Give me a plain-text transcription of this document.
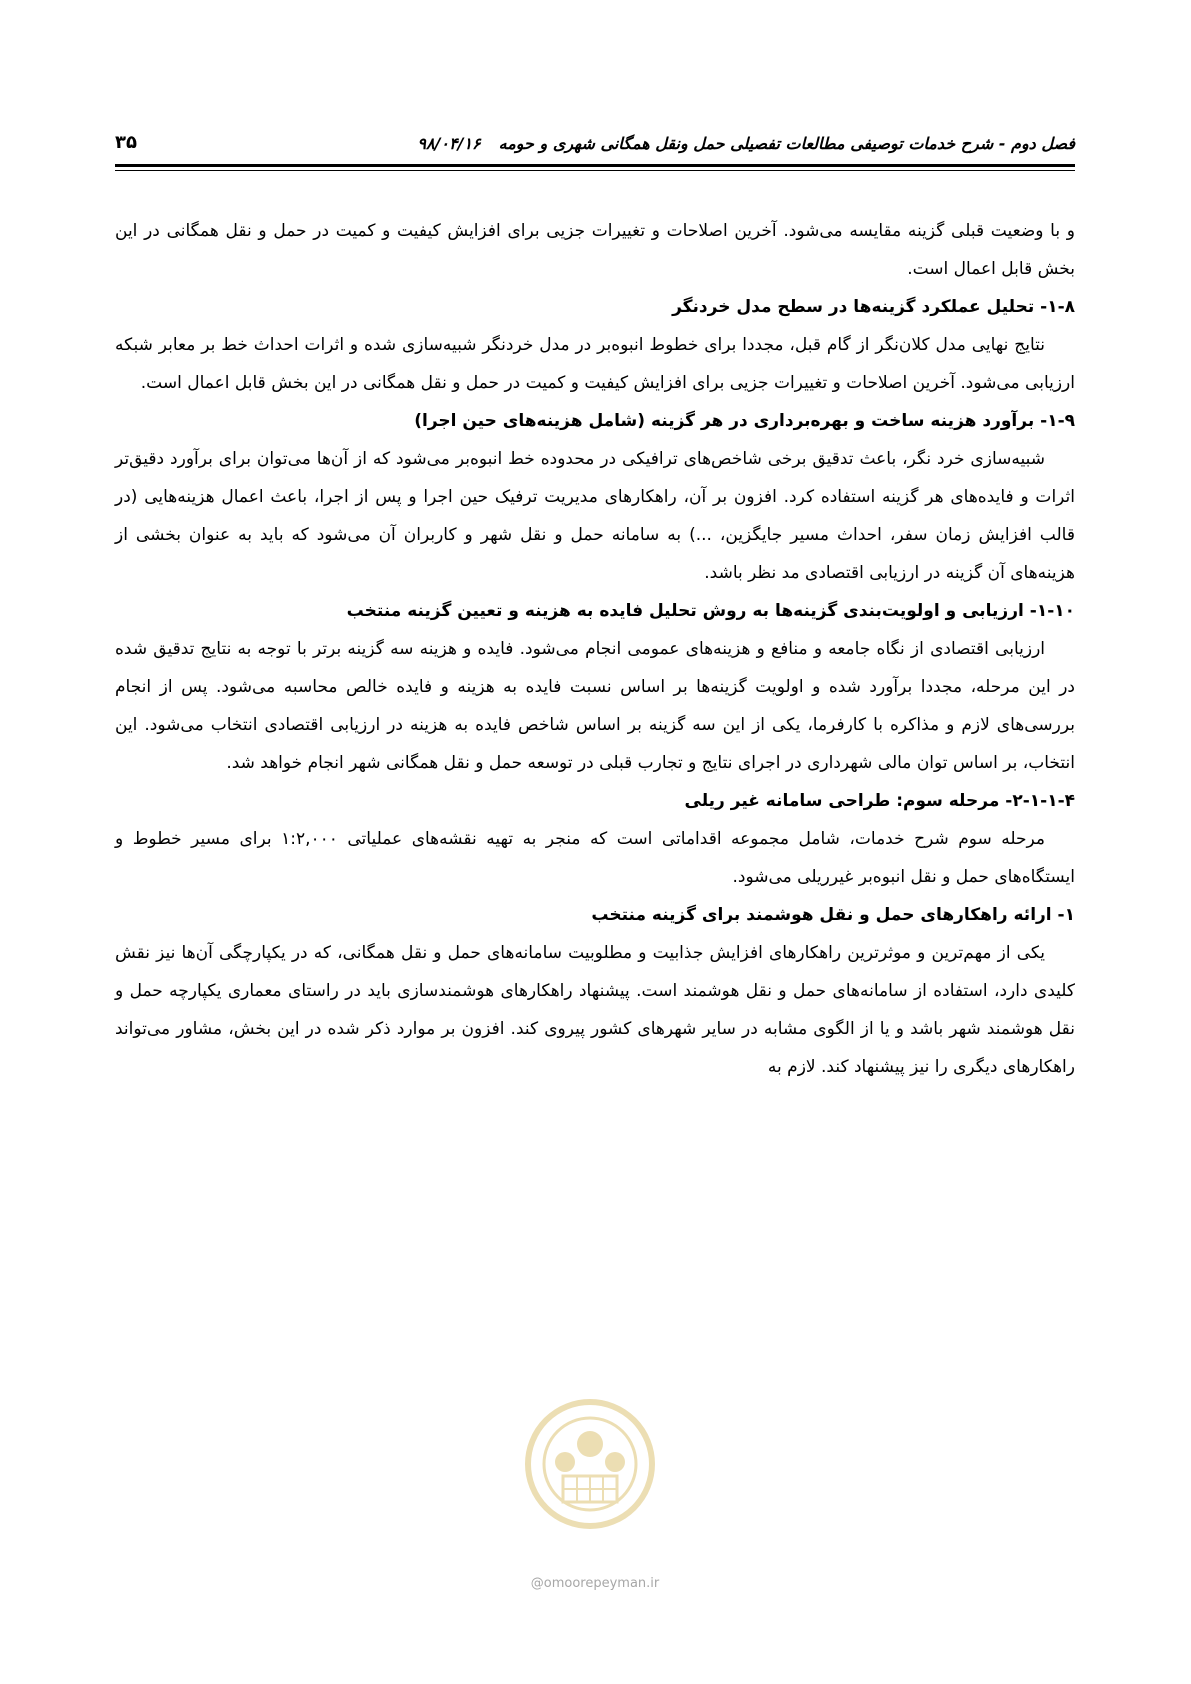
فصل دوم - شرح خدمات توصیفی مطالعات تفصیلی حمل ونقل همگانی شهری و حومه۹۸/۰۴/۱۶
۳۵

و با وضعیت قبلی گزینه مقایسه می‌شود. آخرین اصلاحات و تغییرات جزیی برای افزایش کیفیت و کمیت در حمل و نقل همگانی در این بخش قابل اعمال است.

۱-۸- تحلیل عملکرد گزینه‌ها در سطح مدل خردنگر

نتایج نهایی مدل کلان‌نگر از گام قبل، مجددا برای خطوط انبوه‌بر در مدل خردنگر شبیه‌سازی شده و اثرات احداث خط بر معابر شبکه ارزیابی می‌شود. آخرین اصلاحات و تغییرات جزیی برای افزایش کیفیت و کمیت در حمل و نقل همگانی در این بخش قابل اعمال است.

۱-۹- برآورد هزینه ساخت و بهره‌برداری در هر گزینه (شامل هزینه‌های حین اجرا)

شبیه‌سازی خرد نگر، باعث تدقیق برخی شاخص‌های ترافیکی در محدوده خط انبوه‌بر می‌شود که از آن‌ها می‌توان برای برآورد دقیق‌تر اثرات و فایده‌های هر گزینه استفاده کرد. افزون بر آن، راهکارهای مدیریت ترفیک حین اجرا و پس از اجرا، باعث اعمال هزینه‌هایی (در قالب افزایش زمان سفر، احداث مسیر جایگزین، ...) به سامانه حمل و نقل شهر و کاربران آن می‌شود که باید به عنوان بخشی از هزینه‌های آن گزینه در ارزیابی اقتصادی مد نظر باشد.

۱-۱۰- ارزیابی و اولویت‌بندی گزینه‌ها به روش تحلیل فایده به هزینه و تعیین گزینه منتخب

ارزیابی اقتصادی از نگاه جامعه و منافع و هزینه‌های عمومی انجام می‌شود. فایده و هزینه سه گزینه برتر با توجه به نتایج تدقیق شده در این مرحله، مجددا برآورد شده و اولویت گزینه‌ها بر اساس نسبت فایده به هزینه و فایده خالص محاسبه می‌شود. پس از انجام بررسی‌های لازم و مذاکره با کارفرما، یکی از این سه گزینه بر اساس شاخص فایده به هزینه در ارزیابی اقتصادی انتخاب می‌شود. این انتخاب، بر اساس توان مالی شهرداری در اجرای نتایج و تجارب قبلی در توسعه حمل و نقل همگانی شهر انجام خواهد شد.

۲-۱-۱-۴- مرحله سوم: طراحی سامانه غیر ریلی

مرحله سوم شرح خدمات، شامل مجموعه اقداماتی است که منجر به تهیه نقشه‌های عملیاتی ۱:۲,۰۰۰ برای مسیر خطوط و ایستگاه‌های حمل و نقل انبوه‌بر غیرریلی می‌شود.

۱- ارائه راهکارهای حمل و نقل هوشمند برای گزینه منتخب

یکی از مهم‌ترین و موثرترین راهکارهای افزایش جذابیت و مطلوبیت سامانه‌های حمل و نقل همگانی، که در یکپارچگی آن‌ها نیز نقش کلیدی دارد، استفاده از سامانه‌های حمل و نقل هوشمند است. پیشنهاد راهکارهای هوشمندسازی باید در راستای معماری یکپارچه حمل و نقل هوشمند شهر باشد و یا از الگوی مشابه در سایر شهرهای کشور پیروی کند. افزون بر موارد ذکر شده در این بخش، مشاور می‌تواند راهکارهای دیگری را نیز پیشنهاد کند. لازم به

@omoorepeyman.ir
